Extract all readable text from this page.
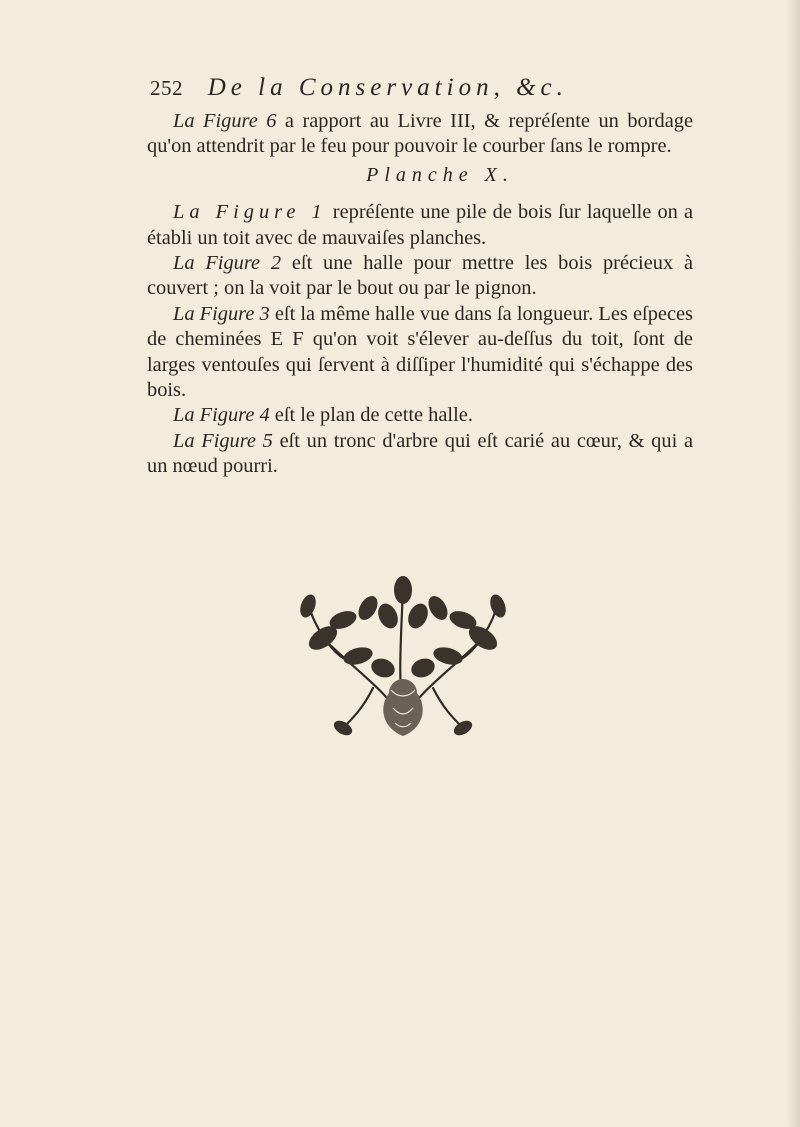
252 De la Conservation, &c.

La Figure 6 a rapport au Livre III, & repréſente un bordage qu'on attendrit par le feu pour pouvoir le courber ſans le rompre.

Planche X.

La Figure 1 repréſente une pile de bois ſur laquelle on a établi un toit avec de mauvaiſes planches.

La Figure 2 eſt une halle pour mettre les bois précieux à couvert ; on la voit par le bout ou par le pignon.

La Figure 3 eſt la même halle vue dans ſa longueur. Les eſpeces de cheminées E F qu'on voit s'élever au-deſſus du toit, ſont de larges ventouſes qui ſervent à diſſiper l'humidité qui s'échappe des bois.

La Figure 4 eſt le plan de cette halle.

La Figure 5 eſt un tronc d'arbre qui eſt carié au cœur, & qui a un nœud pourri.
